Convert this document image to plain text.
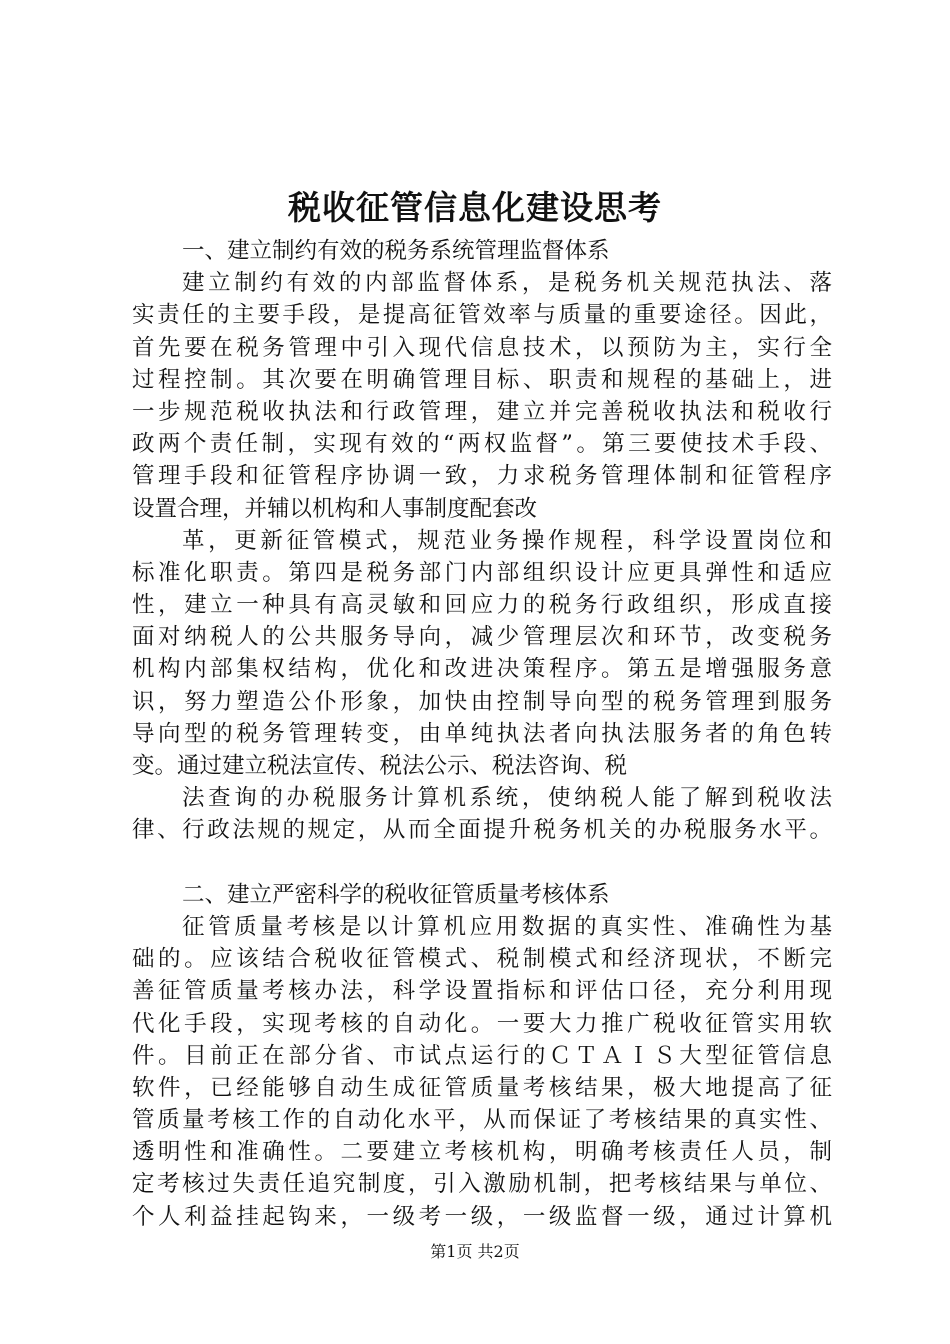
税收征管信息化建设思考
一、建立制约有效的税务系统管理监督体系
建立制约有效的内部监督体系，是税务机关规范执法、落
实责任的主要手段，是提高征管效率与质量的重要途径。因此，
首先要在税务管理中引入现代信息技术，以预防为主，实行全
过程控制。其次要在明确管理目标、职责和规程的基础上，进
一步规范税收执法和行政管理，建立并完善税收执法和税收行
政两个责任制，实现有效的“两权监督”。第三要使技术手段、
管理手段和征管程序协调一致，力求税务管理体制和征管程序
设置合理，并辅以机构和人事制度配套改
革，更新征管模式，规范业务操作规程，科学设置岗位和
标准化职责。第四是税务部门内部组织设计应更具弹性和适应
性，建立一种具有高灵敏和回应力的税务行政组织，形成直接
面对纳税人的公共服务导向，减少管理层次和环节，改变税务
机构内部集权结构，优化和改进决策程序。第五是增强服务意
识，努力塑造公仆形象，加快由控制导向型的税务管理到服务
导向型的税务管理转变，由单纯执法者向执法服务者的角色转
变。通过建立税法宣传、税法公示、税法咨询、税
法查询的办税服务计算机系统，使纳税人能了解到税收法
律、行政法规的规定，从而全面提升税务机关的办税服务水平。
二、建立严密科学的税收征管质量考核体系
征管质量考核是以计算机应用数据的真实性、准确性为基
础的。应该结合税收征管模式、税制模式和经济现状，不断完
善征管质量考核办法，科学设置指标和评估口径，充分利用现
代化手段，实现考核的自动化。一要大力推广税收征管实用软
件。目前正在部分省、市试点运行的ＣＴＡＩＳ大型征管信息
软件，已经能够自动生成征管质量考核结果，极大地提高了征
管质量考核工作的自动化水平，从而保证了考核结果的真实性、
透明性和准确性。二要建立考核机构，明确考核责任人员，制
定考核过失责任追究制度，引入激励机制，把考核结果与单位、
个人利益挂起钩来，一级考一级，一级监督一级，通过计算机
第1页 共2页
